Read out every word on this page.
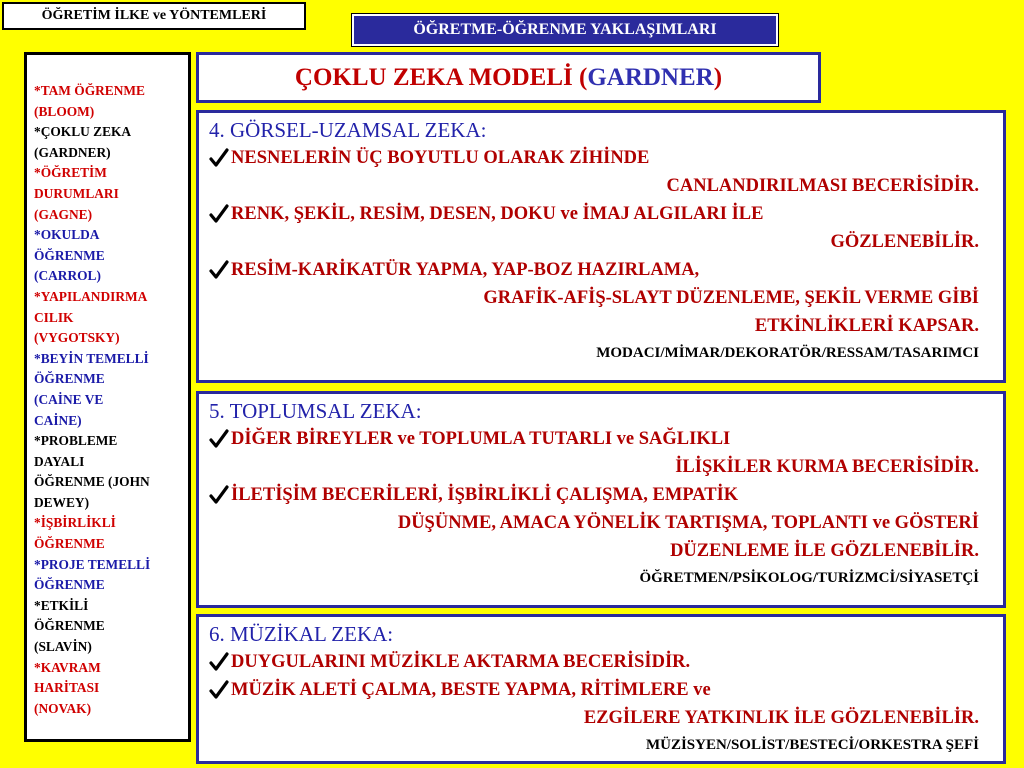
ÖĞRETİM İLKE ve YÖNTEMLERİ
ÖĞRETME-ÖĞRENME YAKLAŞIMLARI
*TAM ÖĞRENME
(BLOOM)
*ÇOKLU ZEKA
(GARDNER)
*ÖĞRETİM
DURUMLARI
(GAGNE)
*OKULDA
ÖĞRENME
(CARROL)
*YAPILANDIRMA
CILIK
(VYGOTSKY)
*BEYİN TEMELLİ
ÖĞRENME
(CAİNE VE
CAİNE)
*PROBLEME
DAYALI
ÖĞRENME (JOHN
DEWEY)
*İŞBİRLİKLİ
ÖĞRENME
*PROJE TEMELLİ
ÖĞRENME
*ETKİLİ
ÖĞRENME
(SLAVİN)
*KAVRAM
HARİTASI
(NOVAK)
ÇOKLU ZEKA MODELİ (GARDNER)
4. GÖRSEL-UZAMSAL ZEKA:
NESNELERİN ÜÇ BOYUTLU OLARAK ZİHİNDE
CANLANDIRILMASI BECERİSİDİR.
RENK, ŞEKİL, RESİM, DESEN, DOKU ve İMAJ ALGILARI İLE
GÖZLENEBİLİR.
RESİM-KARİKATÜR YAPMA, YAP-BOZ HAZIRLAMA,
GRAFİK-AFİŞ-SLAYT DÜZENLEME, ŞEKİL VERME GİBİ
ETKİNLİKLERİ KAPSAR.
MODACI/MİMAR/DEKORATÖR/RESSAM/TASARIMCI
5. TOPLUMSAL ZEKA:
DİĞER BİREYLER ve TOPLUMLA TUTARLI ve SAĞLIKLI
İLİŞKİLER KURMA BECERİSİDİR.
İLETİŞİM BECERİLERİ, İŞBİRLİKLİ ÇALIŞMA, EMPATİK
DÜŞÜNME, AMACA YÖNELİK TARTIŞMA, TOPLANTI ve GÖSTERİ
DÜZENLEME İLE GÖZLENEBİLİR.
ÖĞRETMEN/PSİKOLOG/TURİZMCİ/SİYASETÇİ
6. MÜZİKAL ZEKA:
DUYGULARINI MÜZİKLE AKTARMA BECERİSİDİR.
MÜZİK ALETİ ÇALMA, BESTE YAPMA, RİTİMLERE ve
EZGİLERE YATKINLIK İLE GÖZLENEBİLİR.
MÜZİSYEN/SOLİST/BESTECİ/ORKESTRA ŞEFİ
